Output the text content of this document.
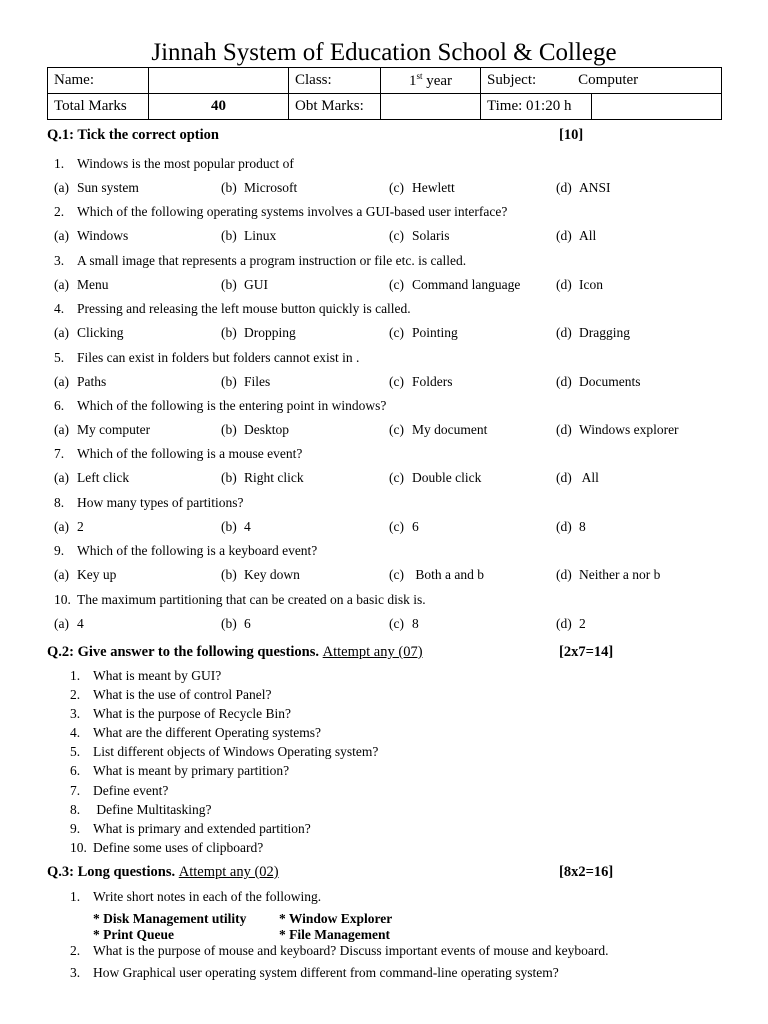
Jinnah System of Education School & College
Name:		Class:	1st year	Subject: Computer	
Total Marks	40	Obt Marks:		Time: 01:20 h	
Q.1: Tick the correct option	[10]
1. Windows is the most popular product of
(a) Sun system	(b) Microsoft	(c) Hewlett	(d) ANSI
2. Which of the following operating systems involves a GUI-based user interface?
(a) Windows	(b) Linux	(c) Solaris	(d) All
3. A small image that represents a program instruction or file etc. is called.
(a) Menu	(b) GUI	(c) Command language	(d) Icon
4. Pressing and releasing the left mouse button quickly is called.
(a) Clicking	(b) Dropping	(c) Pointing	(d) Dragging
5. Files can exist in folders but folders cannot exist in .
(a) Paths	(b) Files	(c) Folders	(d) Documents
6. Which of the following is the entering point in windows?
(a) My computer	(b) Desktop	(c) My document	(d) Windows explorer
7. Which of the following is a mouse event?
(a) Left click	(b) Right click	(c) Double click	(d) All
8. How many types of partitions?
(a) 2	(b) 4	(c) 6	(d) 8
9. Which of the following is a keyboard event?
(a) Key up	(b) Key down	(c) Both a and b	(d) Neither a nor b
10. The maximum partitioning that can be created on a basic disk is.
(a) 4	(b) 6	(c) 8	(d) 2
Q.2: Give answer to the following questions. Attempt any (07)	[2x7=14]
1. What is meant by GUI?
2. What is the use of control Panel?
3. What is the purpose of Recycle Bin?
4. What are the different Operating systems?
5. List different objects of Windows Operating system?
6. What is meant by primary partition?
7. Define event?
8. Define Multitasking?
9. What is primary and extended partition?
10. Define some uses of clipboard?
Q.3: Long questions. Attempt any (02)	[8x2=16]
1. Write short notes in each of the following.
* Disk Management utility * Window Explorer
* Print Queue	* File Management
2. What is the purpose of mouse and keyboard? Discuss important events of mouse and keyboard.
3. How Graphical user operating system different from command-line operating system?
